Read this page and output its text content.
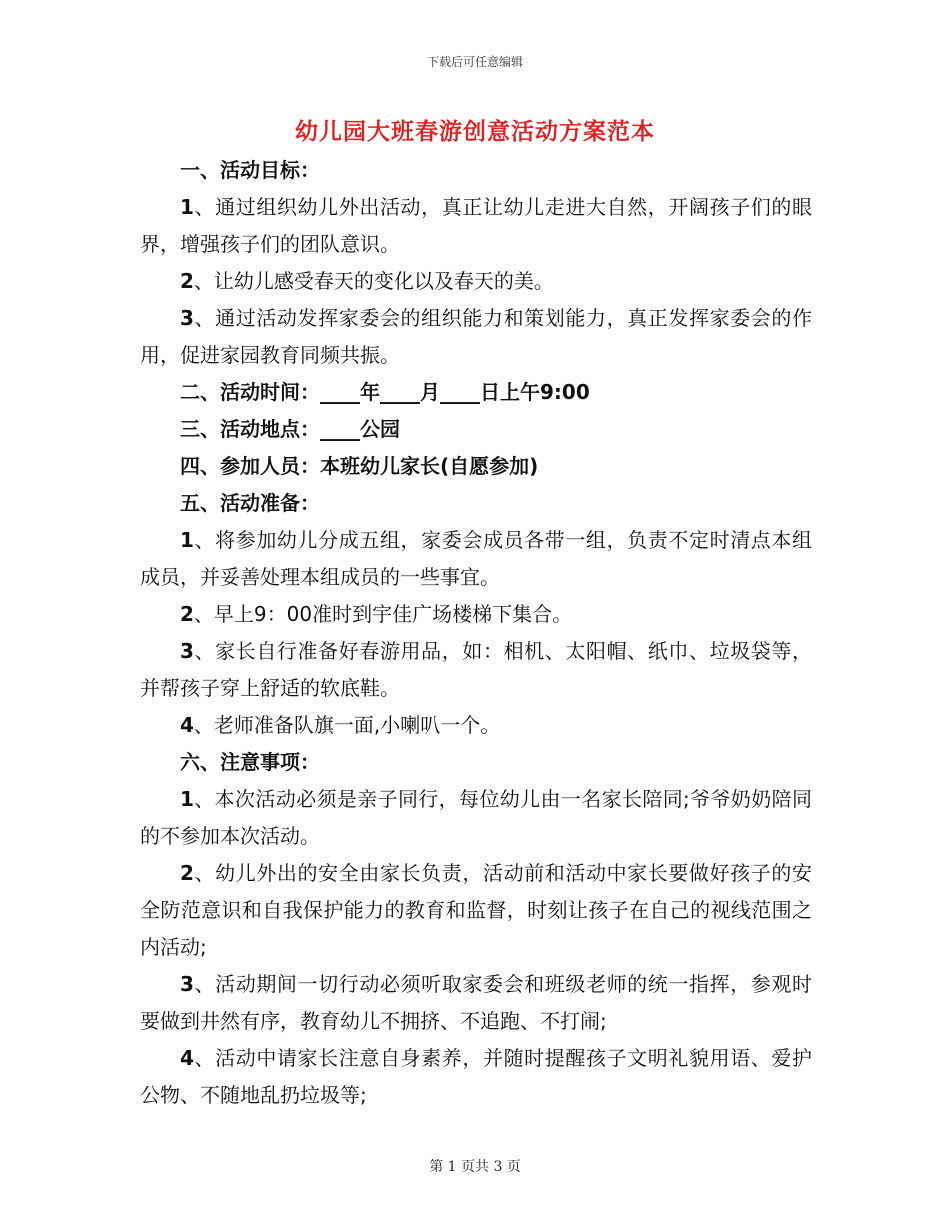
下载后可任意编辑
幼儿园大班春游创意活动方案范本

一、活动目标：

1、通过组织幼儿外出活动，真正让幼儿走进大自然，开阔孩子们的眼界，增强孩子们的团队意识。

2、让幼儿感受春天的变化以及春天的美。

3、通过活动发挥家委会的组织能力和策划能力，真正发挥家委会的作用，促进家园教育同频共振。

二、活动时间：____年____月____日上午9:00

三、活动地点：____公园

四、参加人员：本班幼儿家长(自愿参加)

五、活动准备：

1、将参加幼儿分成五组，家委会成员各带一组，负责不定时清点本组成员，并妥善处理本组成员的一些事宜。

2、早上9：00准时到宇佳广场楼梯下集合。

3、家长自行准备好春游用品，如：相机、太阳帽、纸巾、垃圾袋等，并帮孩子穿上舒适的软底鞋。

4、老师准备队旗一面,小喇叭一个。

六、注意事项：

1、本次活动必须是亲子同行，每位幼儿由一名家长陪同;爷爷奶奶陪同的不参加本次活动。

2、幼儿外出的安全由家长负责，活动前和活动中家长要做好孩子的安全防范意识和自我保护能力的教育和监督，时刻让孩子在自己的视线范围之内活动;

3、活动期间一切行动必须听取家委会和班级老师的统一指挥，参观时要做到井然有序，教育幼儿不拥挤、不追跑、不打闹;

4、活动中请家长注意自身素养，并随时提醒孩子文明礼貌用语、爱护公物、不随地乱扔垃圾等;

第 1 页共 3 页
